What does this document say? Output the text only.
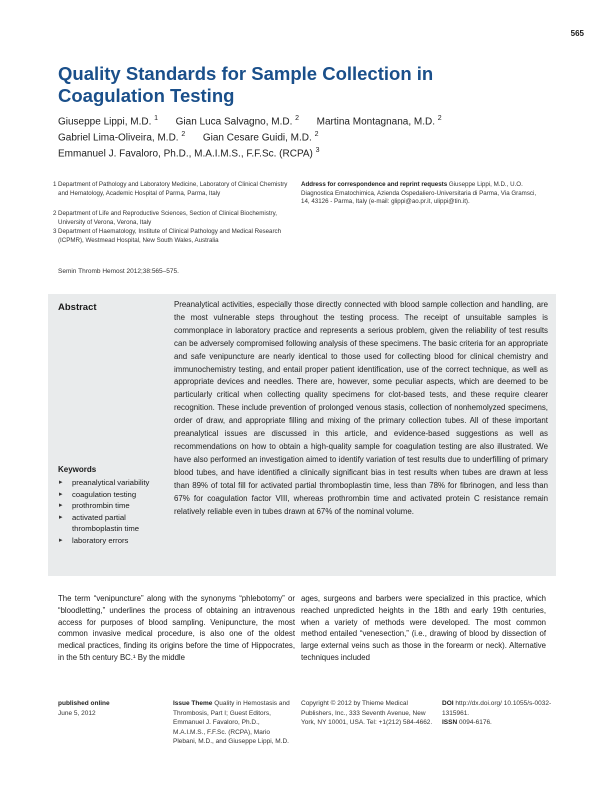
565
Quality Standards for Sample Collection in Coagulation Testing
Giuseppe Lippi, M.D. $^1$ Gian Luca Salvagno, M.D. $^2$ Martina Montagnana, M.D. $^2$
Gabriel Lima-Oliveira, M.D. $^2$ Gian Cesare Guidi, M.D. $^2$
Emmanuel J. Favaloro, Ph.D., M.A.I.M.S., F.F.Sc. (RCPA) $^3$
1 Department of Pathology and Laboratory Medicine, Laboratory of Clinical Chemistry and Hematology, Academic Hospital of Parma, Parma, Italy
2 Department of Life and Reproductive Sciences, Section of Clinical Biochemistry, University of Verona, Verona, Italy
3 Department of Haematology, Institute of Clinical Pathology and Medical Research (ICPMR), Westmead Hospital, New South Wales, Australia
Address for correspondence and reprint requests Giuseppe Lippi, M.D., U.O. Diagnostica Ematochimica, Azienda Ospedaliero-Universitaria di Parma, Via Gramsci, 14, 43126 - Parma, Italy (e-mail: glippi@ao.pr.it, ulippi@tin.it).
Semin Thromb Hemost 2012;38:565–575.
Abstract	Preanalytical activities, especially those directly connected with blood sample collection and handling, are the most vulnerable steps throughout the testing process. The receipt of unsuitable samples is commonplace in laboratory practice and represents a serious problem, given the reliability of test results can be adversely compromised following analysis of these specimens. The basic criteria for an appropriate and safe venipuncture are nearly identical to those used for collecting blood for clinical chemistry and immunochemistry testing, and entail proper patient identification, use of the correct technique, as well as appropriate devices and needles. There are, however, some peculiar aspects, which are deemed to be particularly critical when collecting quality specimens for clot-based tests, and these require clearer recognition. These include prevention of prolonged venous stasis, collection of nonhemolyzed specimens, order of draw, and appropriate filling and mixing of the primary collection tubes. All of these important preanalytical issues are discussed in this article, and evidence-based suggestions as well as recommendations on how to obtain a high-quality sample for coagulation testing are also illustrated. We have also performed an investigation aimed to identify variation of test results due to underfilling of primary blood tubes, and have identified a clinically significant bias in test results when tubes are drawn at less than 89% of total fill for activated partial thromboplastin time, less than 78% for fibrinogen, and less than 67% for coagulation factor VIII, whereas prothrombin time and activated protein C resistance remain relatively reliable even in tubes drawn at 67% of the nominal volume.
Keywords
▸ preanalytical variability
▸ coagulation testing
▸ prothrombin time
▸ activated partial thromboplastin time
▸ laboratory errors
The term “venipuncture” along with the synonyms “phlebotomy” or “bloodletting,” underlines the process of obtaining an intravenous access for purposes of blood sampling. Venipuncture, the most common invasive medical procedure, is also one of the oldest medical practices, finding its origins before the time of Hippocrates, in the 5th century BC.¹ By the middle
ages, surgeons and barbers were specialized in this practice, which reached unpredicted heights in the 18th and early 19th centuries, when a variety of methods were developed. The most common method entailed “venesection,” (i.e., drawing of blood by dissection of large external veins such as those in the forearm or neck). Alternative techniques included
published online
June 5, 2012
Issue Theme Quality in Hemostasis and Thrombosis, Part I; Guest Editors, Emmanuel J. Favaloro, Ph.D., M.A.I.M.S., F.F.Sc. (RCPA), Mario Plebani, M.D., and Giuseppe Lippi, M.D.
Copyright © 2012 by Thieme Medical Publishers, Inc., 333 Seventh Avenue, New York, NY 10001, USA. Tel: +1(212) 584-4662.
DOI http://dx.doi.org/ 10.1055/s-0032-1315961.
ISSN 0094-6176.
